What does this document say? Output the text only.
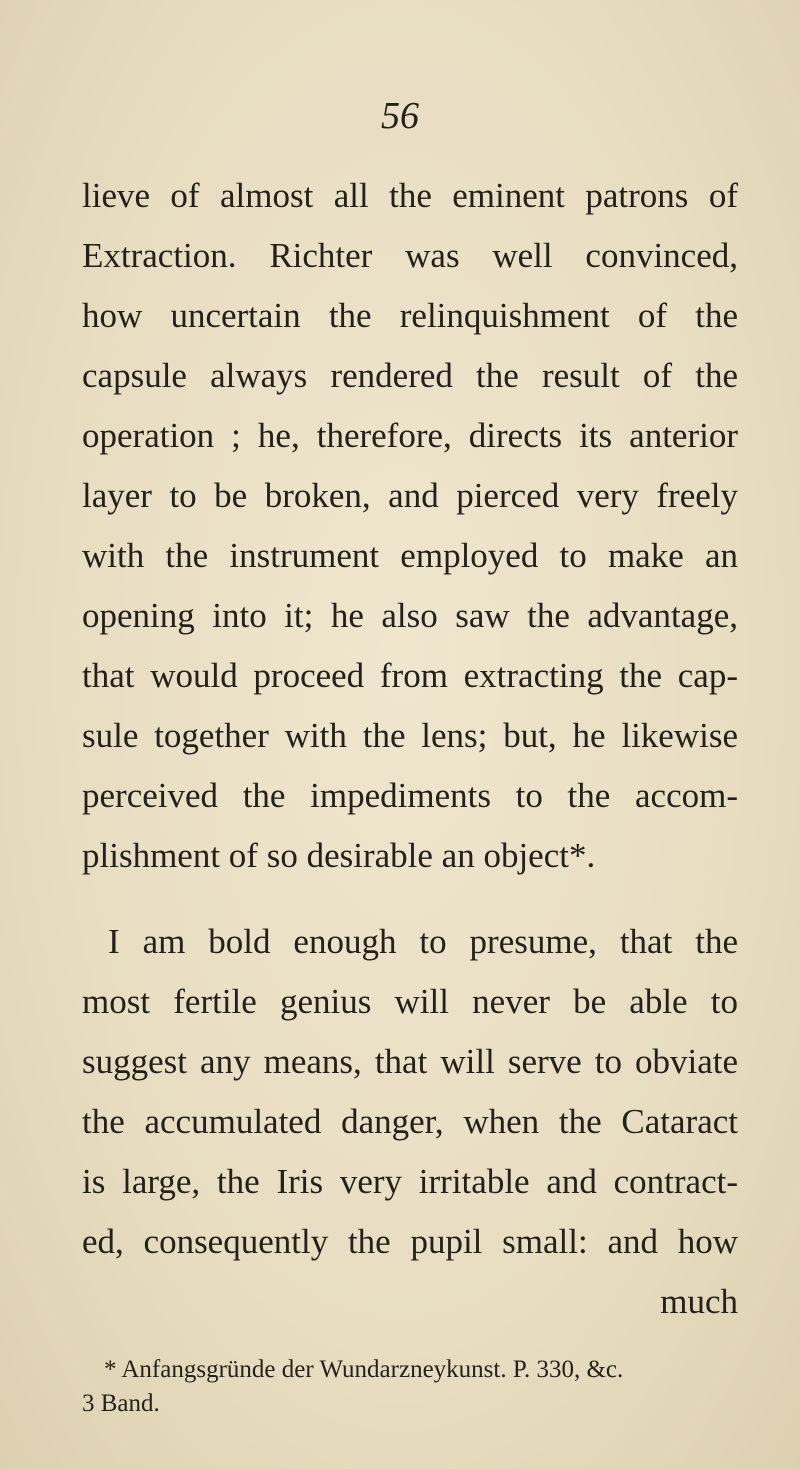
56
lieve of almost all the eminent patrons of
Extraction. Richter was well convinced,
how uncertain the relinquishment of the
capsule always rendered the result of the
operation ; he, therefore, directs its anterior
layer to be broken, and pierced very freely
with the instrument employed to make an
opening into it; he also saw the advantage,
that would proceed from extracting the cap-
sule together with the lens; but, he likewise
perceived the impediments to the accom-
plishment of so desirable an object*.
I am bold enough to presume, that the
most fertile genius will never be able to
suggest any means, that will serve to obviate
the accumulated danger, when the Cataract
is large, the Iris very irritable and contract-
ed, consequently the pupil small: and how
much
* Anfangsgründe der Wundarzneykunst. P. 330, &c.
3 Band.
